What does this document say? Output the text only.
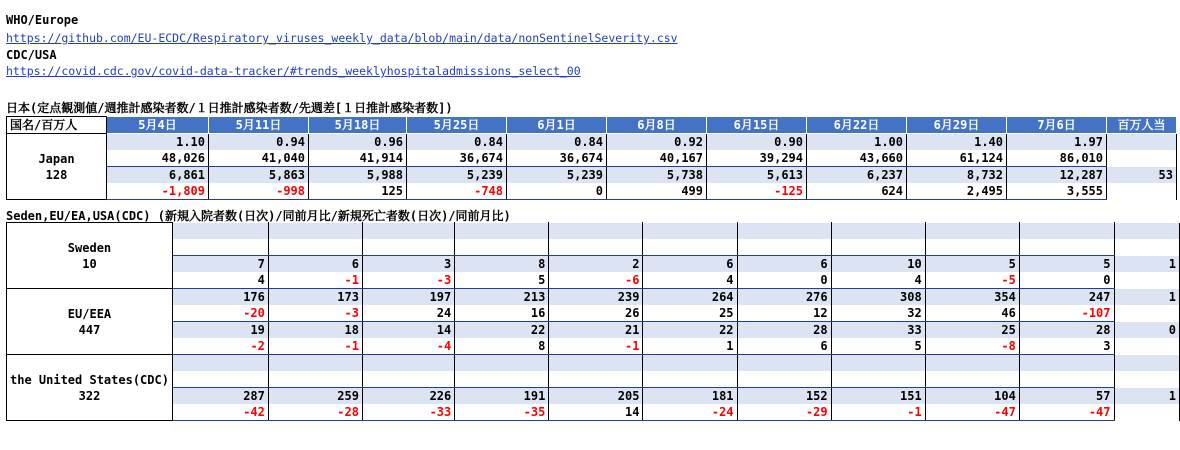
WHO/Europe
https://github.com/EU-ECDC/Respiratory_viruses_weekly_data/blob/main/data/nonSentinelSeverity.csv
CDC/USA
https://covid.cdc.gov/covid-data-tracker/#trends_weeklyhospitaladmissions_select_00
日本(定点観測値/週推計感染者数/１日推計感染者数/先週差[１日推計感染者数])
国名/百万人	5月4日	5月11日	5月18日	5月25日	6月1日	6月8日	6月15日	6月22日	6月29日	7月6日	百万人当

Japan
128	1.10	0.94	0.96	0.84	0.84	0.92	0.90	1.00	1.40	1.97	
	48,026	41,040	41,914	36,674	36,674	40,167	39,294	43,660	61,124	86,010	
	6,861	5,863	5,988	5,239	5,239	5,738	5,613	6,237	8,732	12,287	53
	-1,809	-998	125	-748	0	499	-125	624	2,495	3,555	
Seden,EU/EA,USA(CDC) (新規入院者数(日次)/同前月比/新規死亡者数(日次)/同前月比)
Sweden
10											

	7	6	3	8	2	6	6	10	5	5	1
	4	-1	-3	5	-6	4	0	4	-5	0	

EU/EEA
447	176	173	197	213	239	264	276	308	354	247	1
	-20	-3	24	16	26	25	12	32	46	-107	
	19	18	14	22	21	22	28	33	25	28	0
	-2	-1	-4	8	-1	1	6	5	-8	3	

the United States(CDC)
322											

	287	259	226	191	205	181	152	151	104	57	1
	-42	-28	-33	-35	14	-24	-29	-1	-47	-47	
